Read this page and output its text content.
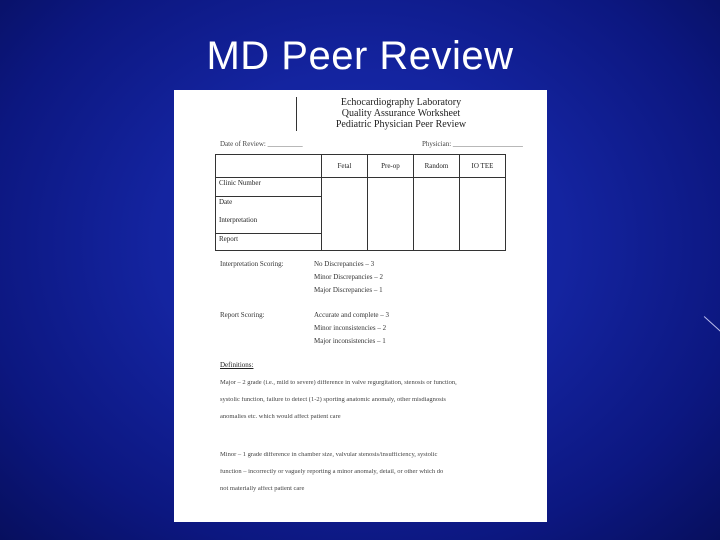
MD Peer Review
Echocardiography Laboratory
Quality Assurance Worksheet
Pediatric Physician Peer Review
Date of Review: __________	Physician: ____________________
	Fetal	Pre-op	Random	IO TEE
Clinic Number				
Date				
Interpretation				
Report				
Interpretation Scoring:	No Discrepancies – 3
Minor Discrepancies – 2
Major Discrepancies – 1
Report Scoring:	Accurate and complete – 3
Minor inconsistencies – 2
Major inconsistencies – 1
Definitions:
Major – 2 grade (i.e., mild to severe) difference in valve regurgitation, stenosis or function,
systolic function, failure to detect (1-2) sporting anatomic anomaly, other misdiagnosis
anomalies etc. which would affect patient care
Minor – 1 grade difference in chamber size, valvular stenosis/insufficiency, systolic
function – incorrectly or vaguely reporting a minor anomaly, detail, or other which do
not materially affect patient care
